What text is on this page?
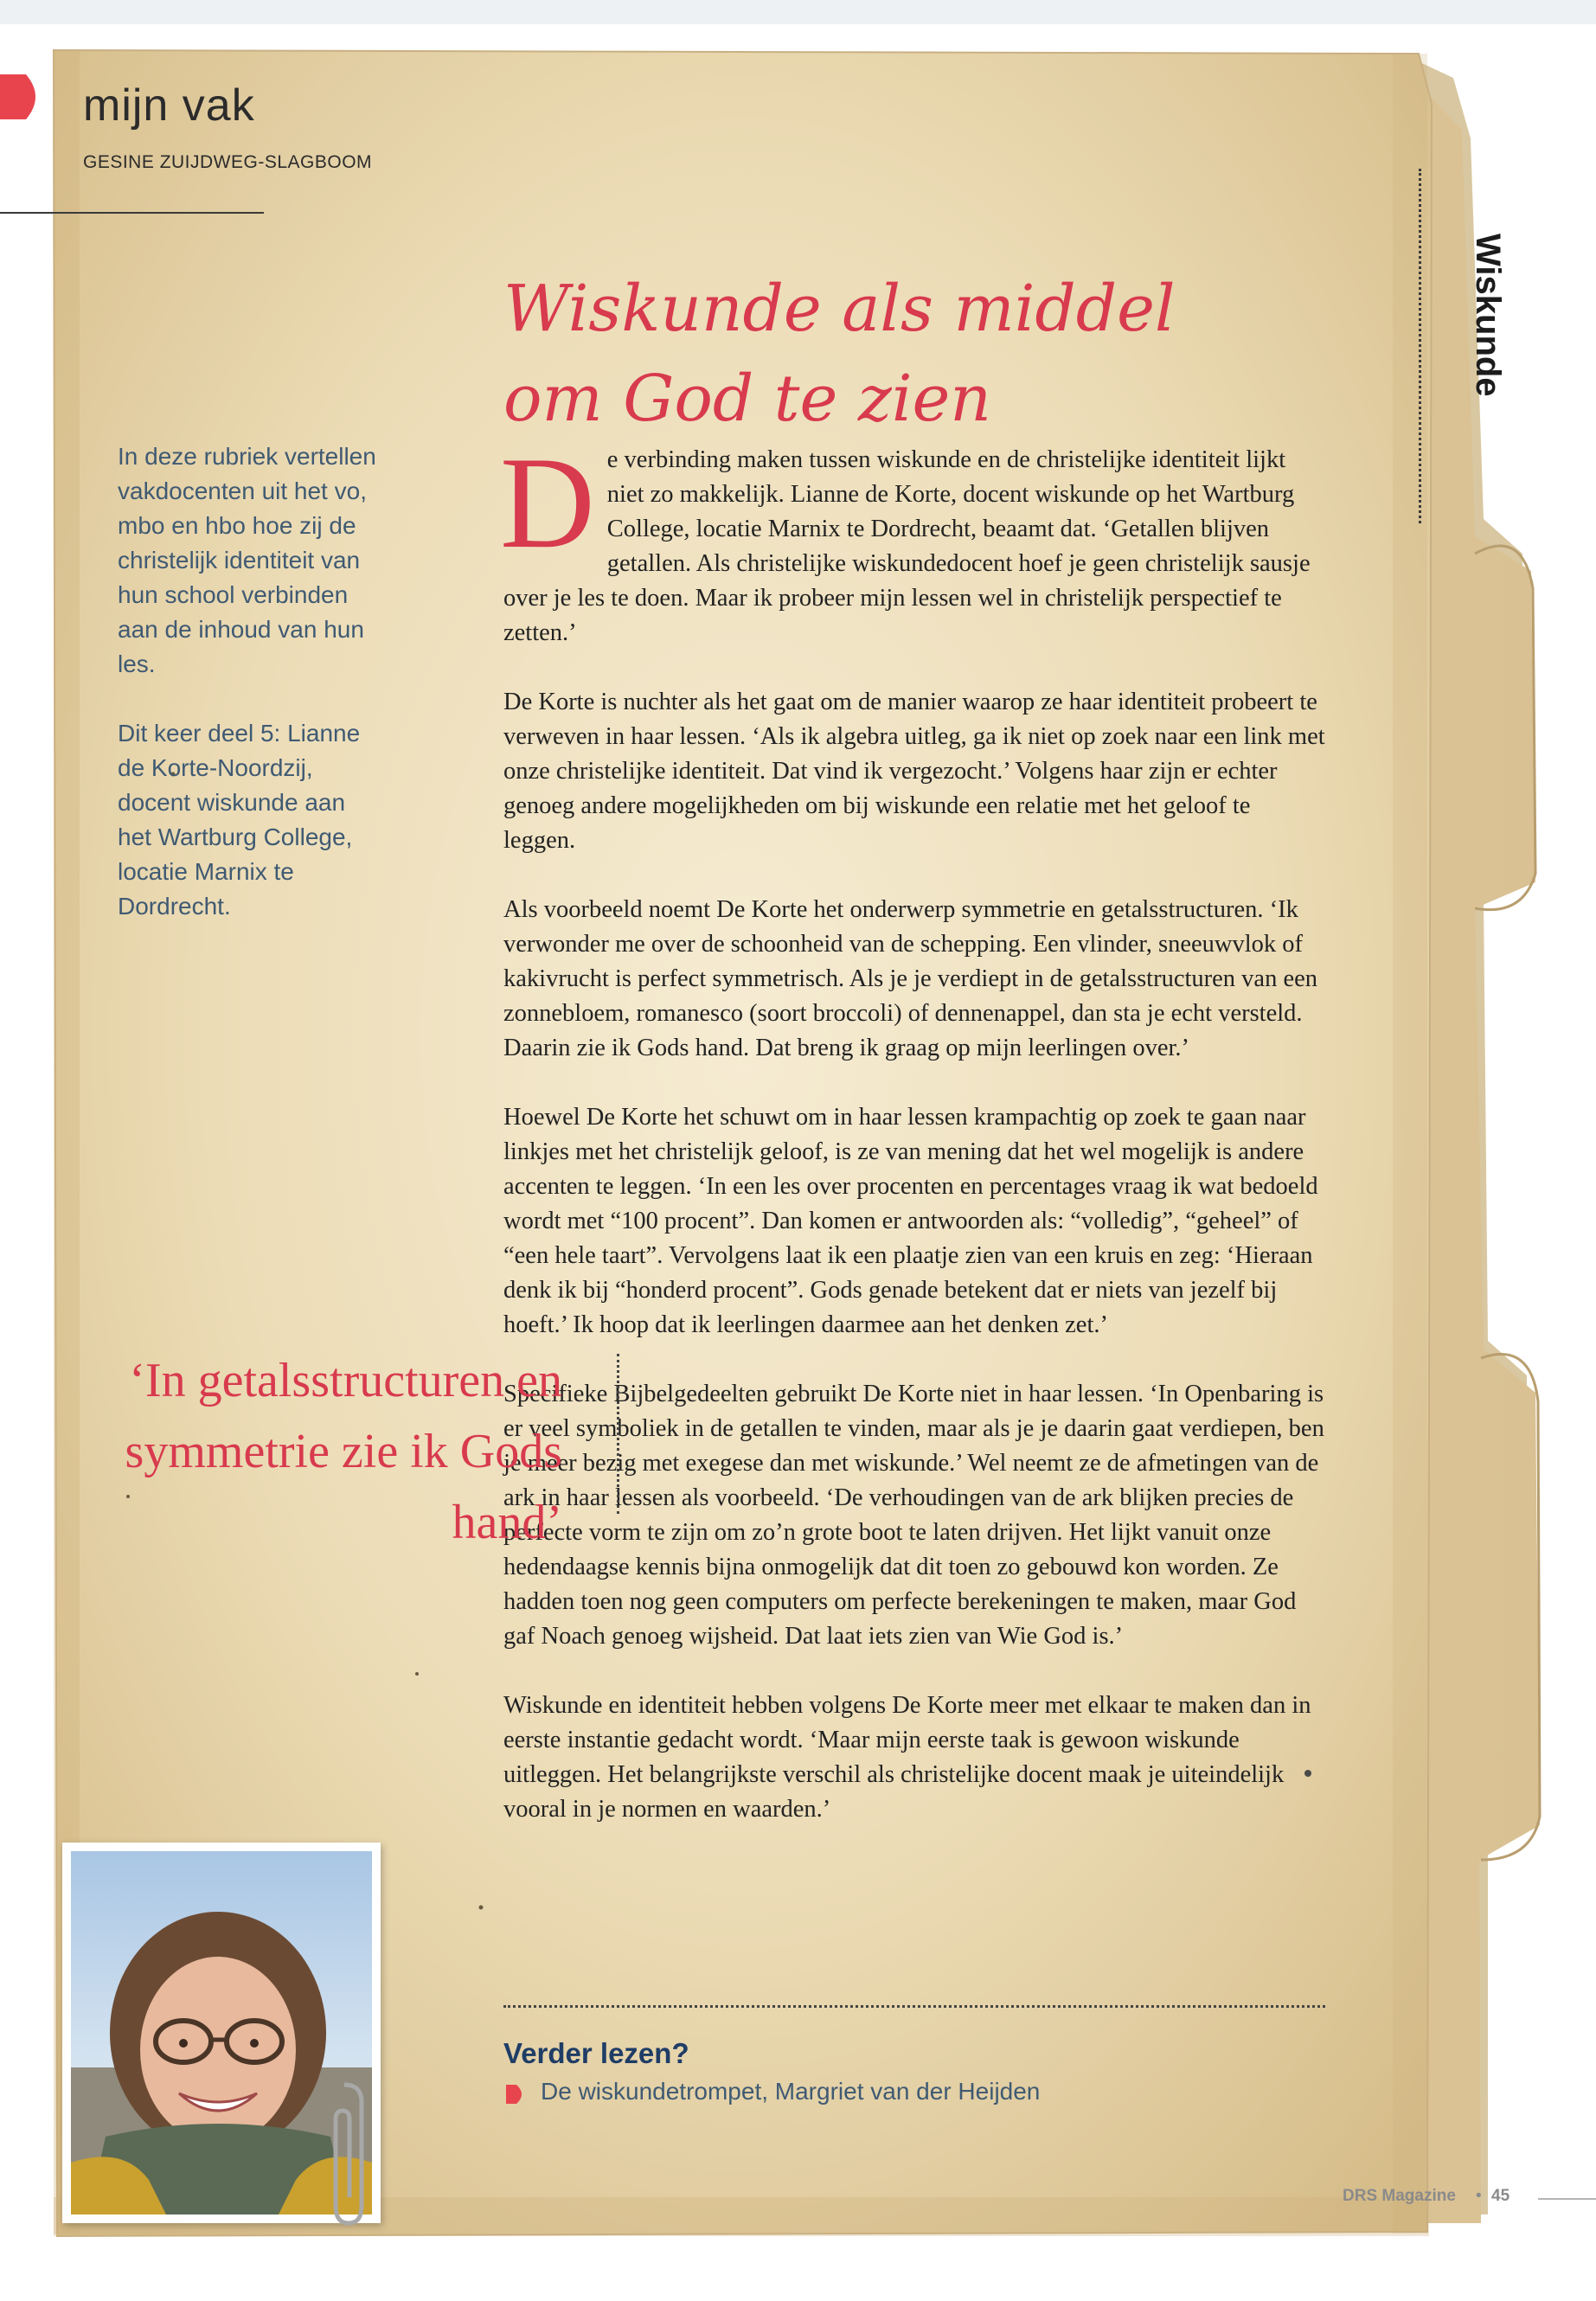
mijn vak
GESINE ZUIJDWEG-SLAGBOOM
Wiskunde
Wiskunde als middel
om God te zien

In deze rubriek vertellen vakdocenten uit het vo, mbo en hbo hoe zij de christelijk identiteit van hun school verbinden aan de inhoud van hun les.

Dit keer deel 5: Lianne de Korte-Noordzij, docent wiskunde aan het Wartburg College, locatie Marnix te Dordrecht.

De verbinding maken tussen wiskunde en de christelijke identiteit lijkt niet zo makkelijk. Lianne de Korte, docent wiskunde op het Wartburg College, locatie Marnix te Dordrecht, beaamt dat. ‘Getallen blijven getallen. Als christelijke wiskundedocent hoef je geen christelijk sausje over je les te doen. Maar ik probeer mijn lessen wel in christelijk perspectief te zetten.’

De Korte is nuchter als het gaat om de manier waarop ze haar identiteit probeert te verweven in haar lessen. ‘Als ik algebra uitleg, ga ik niet op zoek naar een link met onze christelijke identiteit. Dat vind ik vergezocht.’ Volgens haar zijn er echter genoeg andere mogelijkheden om bij wiskunde een relatie met het geloof te leggen.

Als voorbeeld noemt De Korte het onderwerp symmetrie en getalsstructuren. ‘Ik verwonder me over de schoonheid van de schepping. Een vlinder, sneeuwvlok of kakivrucht is perfect symmetrisch. Als je je verdiept in de getalsstructuren van een zonnebloem, romanesco (soort broccoli) of dennenappel, dan sta je echt versteld. Daarin zie ik Gods hand. Dat breng ik graag op mijn leerlingen over.’

Hoewel De Korte het schuwt om in haar lessen krampachtig op zoek te gaan naar linkjes met het christelijk geloof, is ze van mening dat het wel mogelijk is andere accenten te leggen. ‘In een les over procenten en percentages vraag ik wat bedoeld wordt met “100 procent”. Dan komen er antwoorden als: “volledig”, “geheel” of “een hele taart”. Vervolgens laat ik een plaatje zien van een kruis en zeg: ‘Hieraan denk ik bij “honderd procent”. Gods genade betekent dat er niets van jezelf bij hoeft.’ Ik hoop dat ik leerlingen daarmee aan het denken zet.’

Specifieke Bijbelgedeelten gebruikt De Korte niet in haar lessen. ‘In Openbaring is er veel symboliek in de getallen te vinden, maar als je je daarin gaat verdiepen, ben je meer bezig met exegese dan met wiskunde.’ Wel neemt ze de afmetingen van de ark in haar lessen als voorbeeld. ‘De verhoudingen van de ark blijken precies de perfecte vorm te zijn om zo’n grote boot te laten drijven. Het lijkt vanuit onze hedendaagse kennis bijna onmogelijk dat dit toen zo gebouwd kon worden. Ze hadden toen nog geen computers om perfecte berekeningen te maken, maar God gaf Noach genoeg wijsheid. Dat laat iets zien van Wie God is.’

Wiskunde en identiteit hebben volgens De Korte meer met elkaar te maken dan in eerste instantie gedacht wordt. ‘Maar mijn eerste taak is gewoon wiskunde uitleggen. Het belangrijkste verschil als christelijke docent maak je uiteindelijk vooral in je normen en waarden.’

‘In getalsstructuren en symmetrie zie ik Gods hand’

Verder lezen?
De wiskundetrompet, Margriet van der Heijden
DRS Magazine • 45
